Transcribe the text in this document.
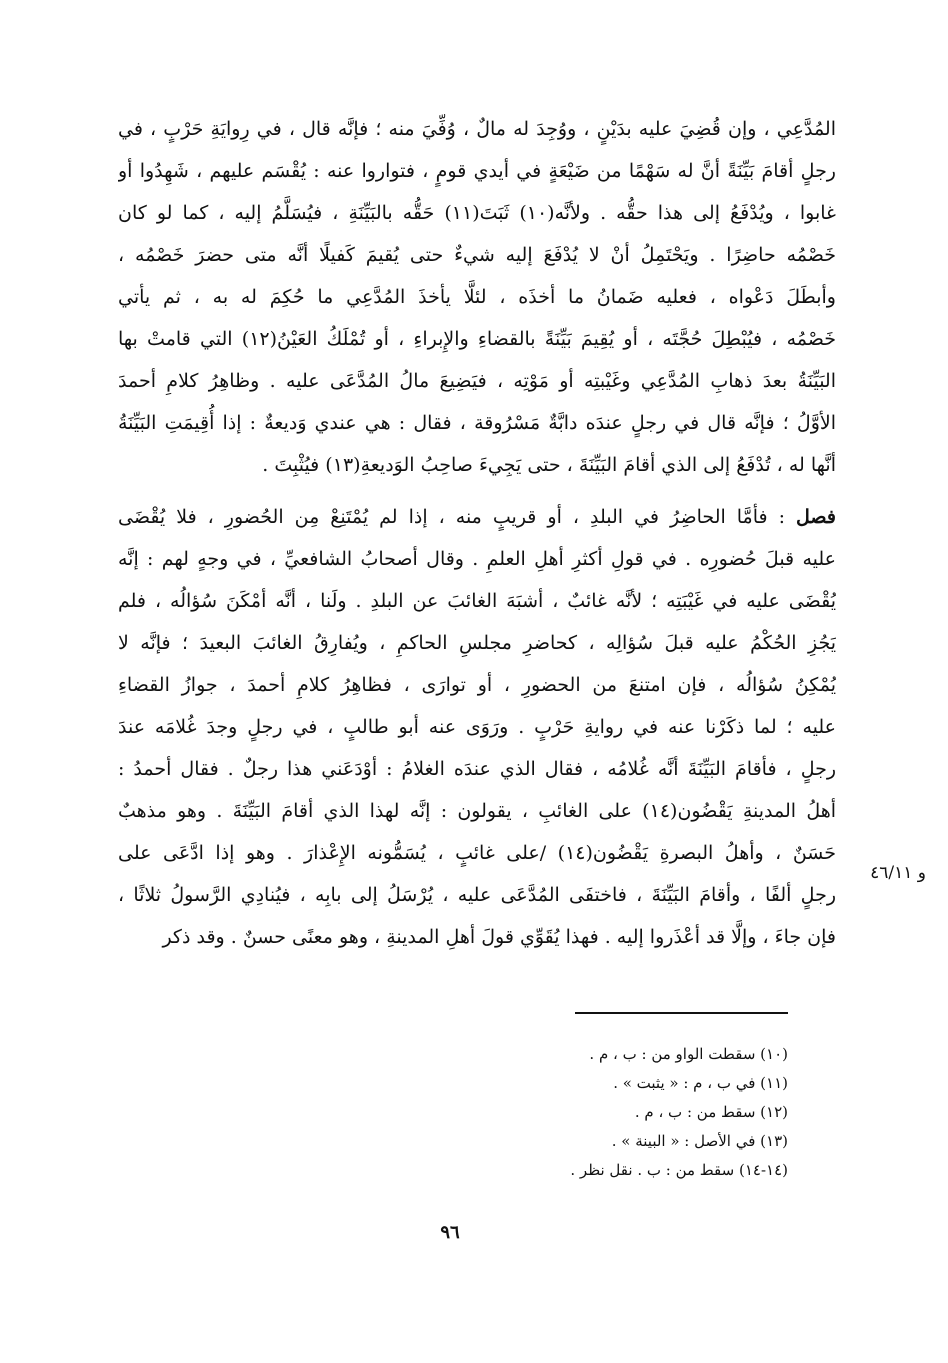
المُدَّعِي ، وإن قُضِيَ عليه بدَيْنٍ ، ووُجِدَ له مالٌ ، وُفِّيَ منه ؛ فإنَّه قال ، في رِوايَةِ حَرْبٍ ، في
رجلٍ أقامَ بَيِّنَةً أنَّ له سَهْمًا من ضَيْعَةٍ في أيدي قومٍ ، فتواروا عنه : يُقْسَم عليهم ، شَهِدُوا أو
غابوا ، ويُدْفَعُ إلى هذا حقُّه . ولأنَّه(١٠) ثَبَتَ(١١) حَقُّه بالبَيِّنَةِ ، فيُسَلَّمُ إليه ، كما لو كان
خَصْمُه حاضِرًا . ويَحْتَمِلُ أنْ لا يُدْفَعَ إليه شيءٌ حتى يُقيمَ كَفيلًا أنَّه متى حضرَ خَصْمُه ،
وأبطَلَ دَعْواه ، فعليه ضَمانُ ما أخذَه ، لئلَّا يأخذَ المُدَّعِي ما حُكِمَ له به ، ثم يأتي
خَصْمُه ، فيُبْطِلَ حُجَّتَه ، أو يُقِيمَ بَيِّنَةً بالقضاءِ والإِبراءِ ، أو تُمْلَكُ العَيْنُ(١٢) التي قامتْ بها
البَيِّنَةُ بعدَ ذهابِ المُدَّعِي وغَيْبتِه أو مَوْتِه ، فيَضِيعَ مالُ المُدَّعَى عليه . وظاهِرُ كلامِ أحمدَ
الأوَّلُ ؛ فإنَّه قال في رجلٍ عندَه دابَّةٌ مَسْرُوقة ، فقال : هي عندي وَديعةٌ : إذا أُقِيمَتِ البَيِّنَةُ
أنَّها له ، تُدْفَعُ إلى الذي أقامَ البَيِّنَةَ ، حتى يَجِيءَ صاحِبُ الوَديعةِ(١٣) فيُثْبِتَ .
فصل : فأمَّا الحاضِرُ في البلدِ ، أو قريبٍ منه ، إذا لم يُمْتَنِعْ مِن الحُضورِ ، فلا يُقْضَى
عليه قبلَ حُضورِه . في قولِ أكثرِ أهلِ العلمِ . وقال أصحابُ الشافعيِّ ، في وجهٍ لهم : إنَّه
يُقْضَى عليه في غَيْبَتِه ؛ لأنَّه غائبٌ ، أشبَهَ الغائبَ عن البلدِ . ولَنا ، أنَّه أمْكَنَ سُؤالُه ، فلم
يَجُزِ الحُكْمُ عليه قبلَ سُؤالِه ، كحاضرِ مجلسِ الحاكمِ ، ويُفارِقُ الغائبَ البعيدَ ؛ فإنَّه لا
يُمْكِنُ سُؤالُه ، فإن امتنعَ من الحضورِ ، أو توارَى ، فظاهِرُ كلامِ أحمدَ ، جوازُ القضاءِ
عليه ؛ لما ذكَرْنا عنه في روايةِ حَرْبٍ . ورَوَى عنه أبو طالبٍ ، في رجلٍ وجدَ غُلامَه عندَ
رجلٍ ، فأقامَ البَيِّنَةَ أنَّه غُلامُه ، فقال الذي عندَه الغلامُ : أوْدَعَني هذا رجلٌ . فقال أحمدُ :
أهلُ المدينةِ يَقْضُون(١٤) على الغائبِ ، يقولون : إنَّه لهذا الذي أقامَ البَيِّنَةَ . وهو مذهبٌ
حَسَنٌ ، وأهلُ البصرةِ يَقْضُون(١٤) /على غائبٍ ، يُسَمُّونه الإِعْذارَ . وهو إذا ادَّعَى على
رجلٍ ألفًا ، وأقامَ البَيِّنَةَ ، فاختفَى المُدَّعَى عليه ، يُرْسَلُ إلى بابِه ، فيُنادِي الرَّسولُ ثلاثًا ،
فإن جاءَ ، وإلَّا قد أعْذَروا إليه . فهذا يُقَوِّي قولَ أهلِ المدينةِ ، وهو معنًى حسنٌ . وقد ذكر
و ٤٦/١١
(١٠) سقطت الواو من : ب ، م .
(١١) في ب ، م : « يثبت » .
(١٢) سقط من : ب ، م .
(١٣) في الأصل : « البينة » .
(١٤-١٤) سقط من : ب . نقل نظر .
٩٦
